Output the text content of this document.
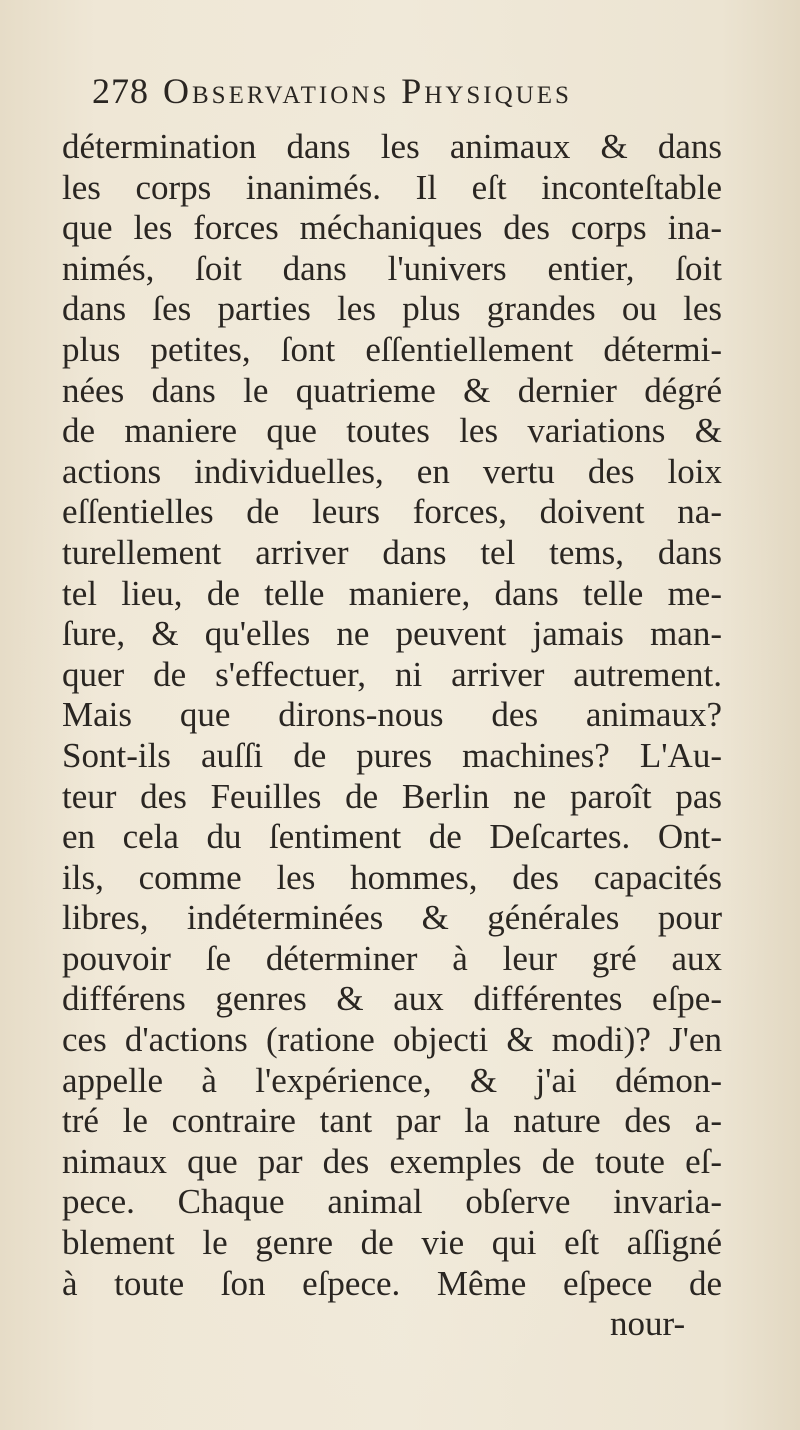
278 Observations Physiques
détermination dans les animaux & dans
les corps inanimés. Il eſt inconteſtable
que les forces méchaniques des corps ina-
nimés, ſoit dans l'univers entier, ſoit
dans ſes parties les plus grandes ou les
plus petites, ſont eſſentiellement détermi-
nées dans le quatrieme & dernier dégré
de maniere que toutes les variations &
actions individuelles, en vertu des loix
eſſentielles de leurs forces, doivent na-
turellement arriver dans tel tems, dans
tel lieu, de telle maniere, dans telle me-
ſure, & qu'elles ne peuvent jamais man-
quer de s'effectuer, ni arriver autrement.
Mais que dirons-nous des animaux?
Sont-ils auſſi de pures machines? L'Au-
teur des Feuilles de Berlin ne paroît pas
en cela du ſentiment de Deſcartes. Ont-
ils, comme les hommes, des capacités
libres, indéterminées & générales pour
pouvoir ſe déterminer à leur gré aux
différens genres & aux différentes eſpe-
ces d'actions (ratione objecti & modi)? J'en
appelle à l'expérience, & j'ai démon-
tré le contraire tant par la nature des a-
nimaux que par des exemples de toute eſ-
pece. Chaque animal obſerve invaria-
blement le genre de vie qui eſt aſſigné
à toute ſon eſpece. Même eſpece de
nour-
